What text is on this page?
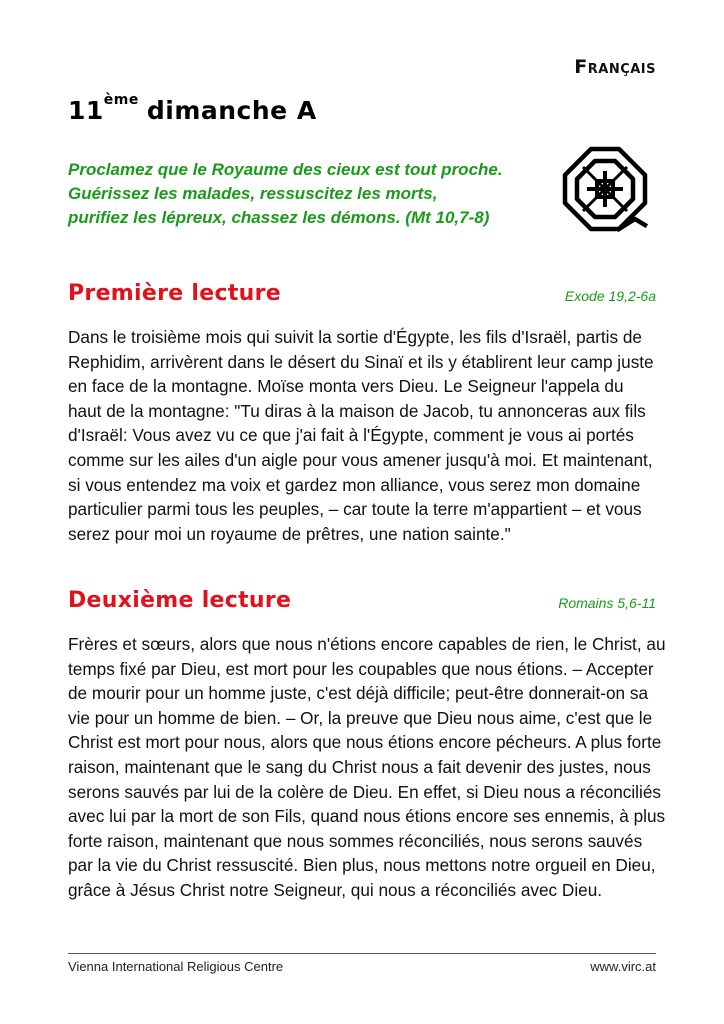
Français
11ème dimanche A
Proclamez que le Royaume des cieux est tout proche.
Guérissez les malades, ressuscitez les morts,
purifiez les lépreux, chassez les démons. (Mt 10,7-8)
Première lecture	Exode 19,2-6a
Dans le troisième mois qui suivit la sortie d'Égypte, les fils d'Israël, partis de
Rephidim, arrivèrent dans le désert du Sinaï et ils y établirent leur camp juste
en face de la montagne. Moïse monta vers Dieu. Le Seigneur l'appela du
haut de la montagne: "Tu diras à la maison de Jacob, tu annonceras aux fils
d'Israël: Vous avez vu ce que j'ai fait à l'Égypte, comment je vous ai portés
comme sur les ailes d'un aigle pour vous amener jusqu'à moi. Et maintenant,
si vous entendez ma voix et gardez mon alliance, vous serez mon domaine
particulier parmi tous les peuples, – car toute la terre m'appartient – et vous
serez pour moi un royaume de prêtres, une nation sainte."
Deuxième lecture	Romains 5,6-11
Frères et sœurs, alors que nous n'étions encore capables de rien, le Christ, au
temps fixé par Dieu, est mort pour les coupables que nous étions. – Accepter
de mourir pour un homme juste, c'est déjà difficile; peut-être donnerait-on sa
vie pour un homme de bien. – Or, la preuve que Dieu nous aime, c'est que le
Christ est mort pour nous, alors que nous étions encore pécheurs. A plus forte
raison, maintenant que le sang du Christ nous a fait devenir des justes, nous
serons sauvés par lui de la colère de Dieu. En effet, si Dieu nous a réconciliés
avec lui par la mort de son Fils, quand nous étions encore ses ennemis, à plus
forte raison, maintenant que nous sommes réconciliés, nous serons sauvés
par la vie du Christ ressuscité. Bien plus, nous mettons notre orgueil en Dieu,
grâce à Jésus Christ notre Seigneur, qui nous a réconciliés avec Dieu.
Vienna International Religious Centre	www.virc.at
